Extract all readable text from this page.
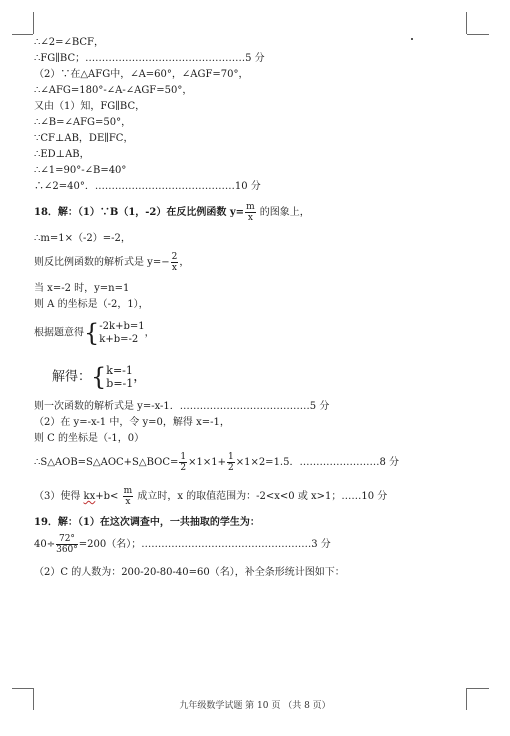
∴∠2=∠BCF，
∴FG∥BC；…………………………………………5 分
（2）∵在△AFG中，∠A=60°，∠AGF=70°，
∴∠AFG=180°-∠A-∠AGF=50°，
又由（1）知，FG∥BC，
∴∠B=∠AFG=50°，
∵CF⊥AB，DE∥FC，
∴ED⊥AB，
∴∠1=90°-∠B=40°
∴∠2=40°．……………………………………10 分
18．解：（1）∵B（1，-2）在反比例函数 $y= \frac{m}{x}$ 的图象上，
∴m=1×（-2）=-2，
则反比例函数的解析式是 $y=- \frac{2}{x}$ ，
当 x=-2 时，y=n=1
则 A 的坐标是（-2，1），
根据题意得{ -2k+b=1
k+b=-2
，
解得：{ k=-1
b=-1 ，
则一次函数的解析式是 y=-x-1．…………………………………5 分
（2）在 y=-x-1 中，令 y=0，解得 x=-1，
则 C 的坐标是（-1，0）
∴S△AOB=S△AOC+S△BOC= $\frac{1}{2} \times 1\times 1+ \frac{1}{2} \times 1\times 2=1.5$．……………………8 分
（3）使得 $kx+b< \frac{m}{x}$ 成立时，x 的取值范围为：-2<x<0 或 x>1；……10 分
19．解：（1）在这次调查中，一共抽取的学生为：
$40\div \frac{72^\circ}{360^\circ} =200$（名）；……………………………………………3 分
（2）C 的人数为：200-20-80-40=60（名），补全条形统计图如下：
九年级数学试题 第 10 页 （共 8 页）
